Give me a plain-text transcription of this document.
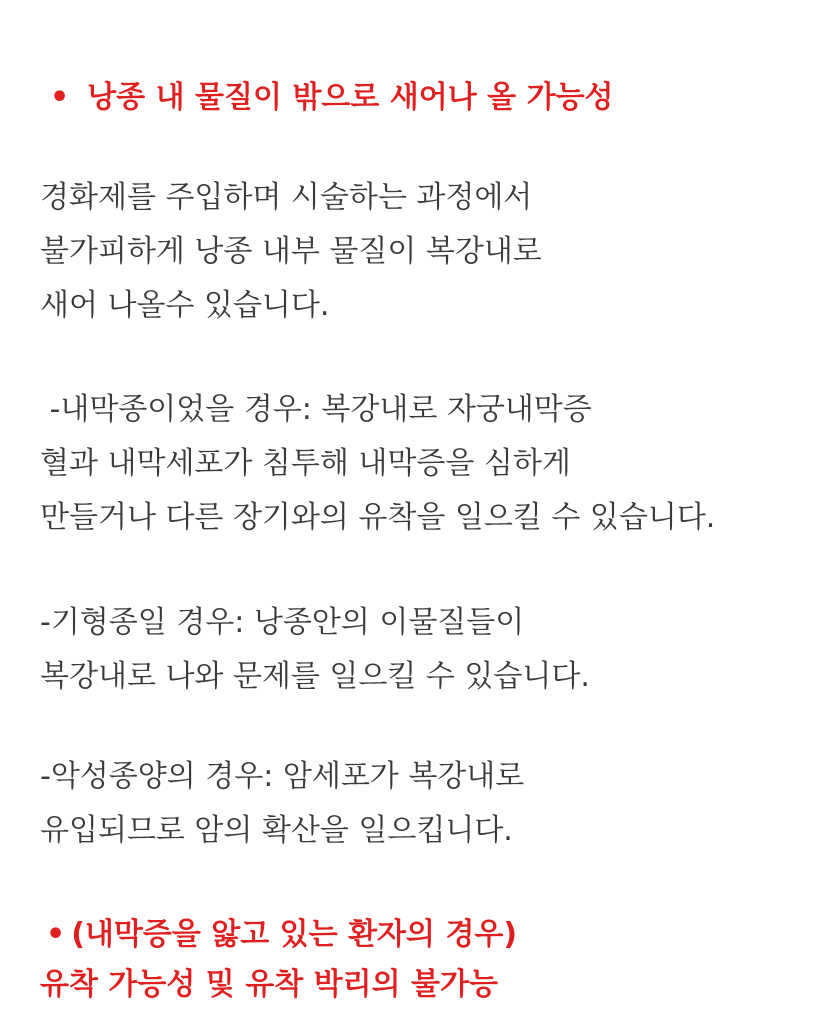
• 낭종 내 물질이 밖으로 새어나 올 가능성
경화제를 주입하며 시술하는 과정에서
불가피하게 낭종 내부 물질이 복강내로
새어 나올수 있습니다.
-내막종이었을 경우: 복강내로 자궁내막증
혈과 내막세포가 침투해 내막증을 심하게
만들거나 다른 장기와의 유착을 일으킬 수 있습니다.
-기형종일 경우: 낭종안의 이물질들이
복강내로 나와 문제를 일으킬 수 있습니다.
-악성종양의 경우: 암세포가 복강내로
유입되므로 암의 확산을 일으킵니다.
• (내막증을 앓고 있는 환자의 경우)
유착 가능성 및 유착 박리의 불가능
